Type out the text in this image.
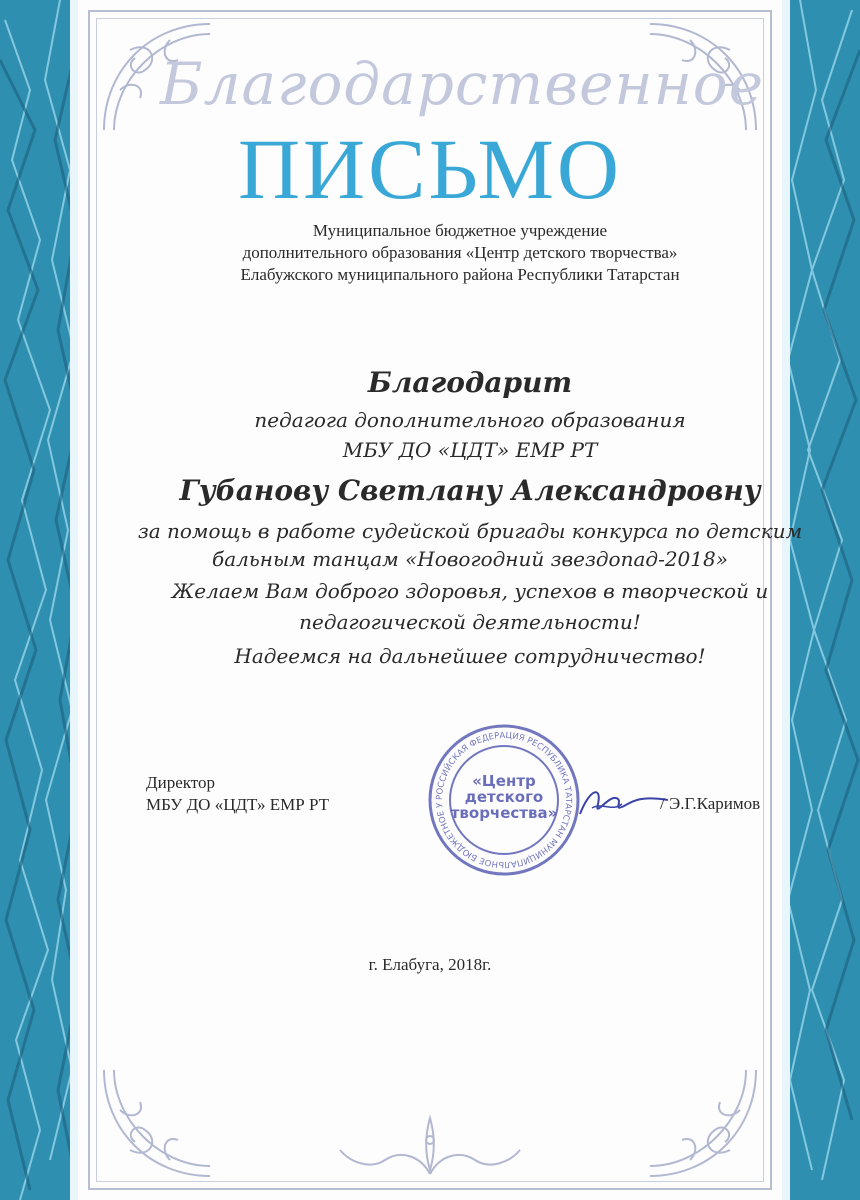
Благодарственное
ПИСЬМО
Муниципальное бюджетное учреждение
дополнительного образования «Центр детского творчества»
Елабужского муниципального района Республики Татарстан
Благодарит
педагога дополнительного образования
МБУ ДО «ЦДТ» ЕМР РТ
Губанову Светлану Александровну
за помощь в работе судейской бригады конкурса по детским
бальным танцам «Новогодний звездопад-2018»
Желаем Вам доброго здоровья, успехов в творческой и
педагогической деятельности!
Надеемся на дальнейшее сотрудничество!
Директор
МБУ ДО «ЦДТ» ЕМР РТ	РОССИЙСКАЯ ФЕДЕРАЦИЯ РЕСПУБЛИКА ТАТАРСТАН МУНИЦИПАЛЬНОЕ БЮДЖЕТНОЕ У
«Центр
детского
творчества»	/ Э.Г.Каримов
г. Елабуга, 2018г.
